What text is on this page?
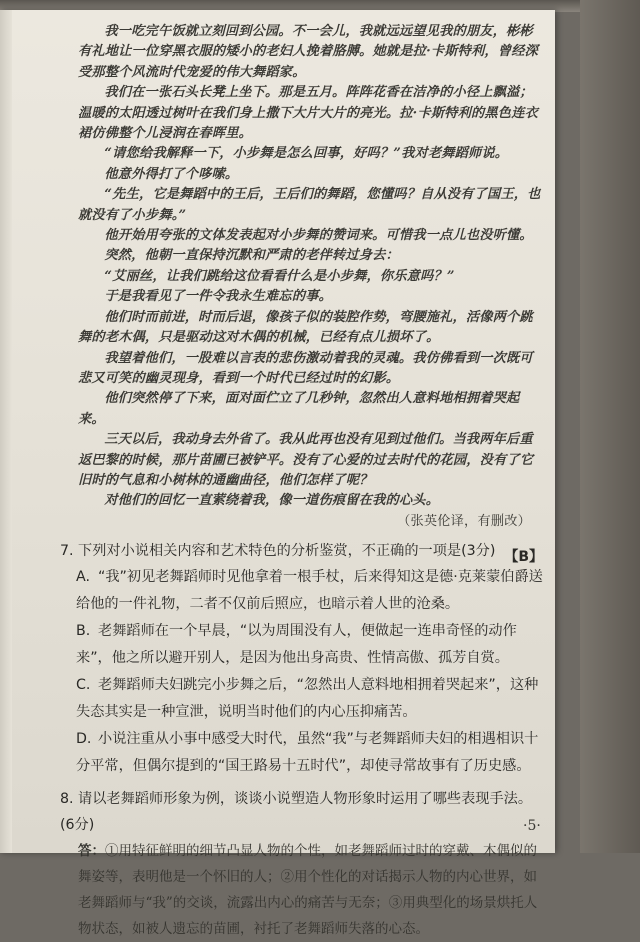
我一吃完午饭就立刻回到公园。不一会儿，我就远远望见我的朋友，彬彬有礼地让一位穿黑衣服的矮小的老妇人挽着胳膊。她就是拉·卡斯特利，曾经深受那整个风流时代宠爱的伟大舞蹈家。

我们在一张石头长凳上坐下。那是五月。阵阵花香在洁净的小径上飘溢；温暖的太阳透过树叶在我们身上撒下大片大片的亮光。拉·卡斯特利的黑色连衣裙仿佛整个儿浸润在春晖里。

“请您给我解释一下，小步舞是怎么回事，好吗？”我对老舞蹈师说。

他意外得打了个哆嗦。

“先生，它是舞蹈中的王后，王后们的舞蹈，您懂吗？自从没有了国王，也就没有了小步舞。”

他开始用夸张的文体发表起对小步舞的赞词来。可惜我一点儿也没听懂。

突然，他朝一直保持沉默和严肃的老伴转过身去：

“艾丽丝，让我们跳给这位看看什么是小步舞，你乐意吗？”

于是我看见了一件令我永生难忘的事。

他们时而前进，时而后退，像孩子似的装腔作势，弯腰施礼，活像两个跳舞的老木偶，只是驱动这对木偶的机械，已经有点儿损坏了。

我望着他们，一股难以言表的悲伤激动着我的灵魂。我仿佛看到一次既可悲又可笑的幽灵现身，看到一个时代已经过时的幻影。

他们突然停了下来，面对面伫立了几秒钟，忽然出人意料地相拥着哭起来。

三天以后，我动身去外省了。我从此再也没有见到过他们。当我两年后重返巴黎的时候，那片苗圃已被铲平。没有了心爱的过去时代的花园，没有了它旧时的气息和小树林的通幽曲径，他们怎样了呢？

对他们的回忆一直萦绕着我，像一道伤痕留在我的心头。

（张英伦译，有删改）

7. 下列对小说相关内容和艺术特色的分析鉴赏，不正确的一项是(3分) 【B】
A. “我”初见老舞蹈师时见他拿着一根手杖，后来得知这是德·克莱蒙伯爵送给他的一件礼物，二者不仅前后照应，也暗示着人世的沧桑。
B. 老舞蹈师在一个早晨，“以为周围没有人，便做起一连串奇怪的动作来”，他之所以避开别人，是因为他出身高贵、性情高傲、孤芳自赏。
C. 老舞蹈师夫妇跳完小步舞之后，“忽然出人意料地相拥着哭起来”，这种失态其实是一种宣泄，说明当时他们的内心压抑痛苦。
D. 小说注重从小事中感受大时代，虽然“我”与老舞蹈师夫妇的相遇相识十分平常，但偶尔提到的“国王路易十五时代”，却使寻常故事有了历史感。
8. 请以老舞蹈师形象为例，谈谈小说塑造人物形象时运用了哪些表现手法。(6分)
答：①用特征鲜明的细节凸显人物的个性，如老舞蹈师过时的穿戴、木偶似的舞姿等，表明他是一个怀旧的人；②用个性化的对话揭示人物的内心世界，如老舞蹈师与“我”的交谈，流露出内心的痛苦与无奈；③用典型化的场景烘托人物状态，如被人遗忘的苗圃，衬托了老舞蹈师失落的心态。
·5·
